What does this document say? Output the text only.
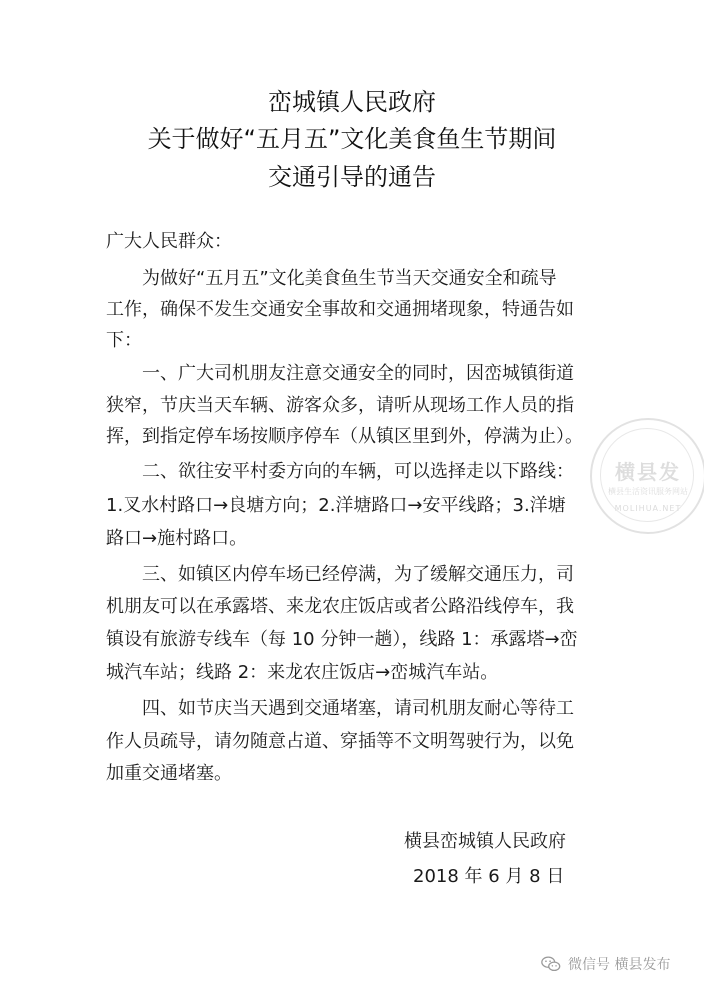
峦城镇人民政府
关于做好“五月五”文化美食鱼生节期间
交通引导的通告
广大人民群众：
　　为做好“五月五”文化美食鱼生节当天交通安全和疏导
工作，确保不发生交通安全事故和交通拥堵现象，特通告如
下：
　　一、广大司机朋友注意交通安全的同时，因峦城镇街道
狭窄，节庆当天车辆、游客众多，请听从现场工作人员的指
挥，到指定停车场按顺序停车（从镇区里到外，停满为止）。
　　二、欲往安平村委方向的车辆，可以选择走以下路线：
1.叉水村路口→良塘方向；2.洋塘路口→安平线路；3.洋塘
路口→施村路口。
　　三、如镇区内停车场已经停满，为了缓解交通压力，司
机朋友可以在承露塔、来龙农庄饭店或者公路沿线停车，我
镇设有旅游专线车（每 10 分钟一趟），线路 1：承露塔→峦
城汽车站；线路 2：来龙农庄饭店→峦城汽车站。
　　四、如节庆当天遇到交通堵塞，请司机朋友耐心等待工
作人员疏导，请勿随意占道、穿插等不文明驾驶行为，以免
加重交通堵塞。
横县峦城镇人民政府
2018 年 6 月 8 日
横县发
横县生活资讯服务网站
MOLIHUA.NET
微信号 横县发布
